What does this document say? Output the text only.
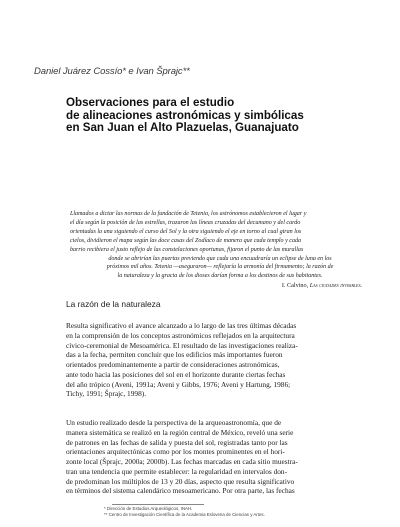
Daniel Juárez Cossío* e Ivan Šprajc**
Observaciones para el estudio
de alineaciones astronómicas y simbólicas
en San Juan el Alto Plazuelas, Guanajuato
Llamados a dictar las normas de la fundación de Tetenia, los astrónomos establecieron el lugar y
el día según la posición de las estrellas, trazaron las líneas cruzadas del decumano y del cardo
orientadas la una siguiendo el curso del Sol y la otra siguiendo el eje en torno al cual giran los
cielos, dividieron el mapa según las doce casas del Zodíaco de manera que cada templo y cada
barrio recibiera el justo reflejo de las constelaciones oportunas, fijaron el punto de las murallas
donde se abrirían las puertas previendo que cada una encuadraría un eclipse de luna en los
próximos mil años. Tetenia —aseguraron— reflejaría la armonía del firmamento; la razón de
la naturaleza y la gracia de los dioses darían forma a los destinos de sus habitantes.
I. Calvino, Las ciudades invisibles.
La razón de la naturaleza
Resulta significativo el avance alcanzado a lo largo de las tres últimas décadas
en la comprensión de los conceptos astronómicos reflejados en la arquitectura
cívico-ceremonial de Mesoamérica. El resultado de las investigaciones realiza-
das a la fecha, permiten concluir que los edificios más importantes fueron
orientados predominantemente a partir de consideraciones astronómicas,
ante todo hacia las posiciones del sol en el horizonte durante ciertas fechas
del año trópico (Aveni, 1991a; Aveni y Gibbs, 1976; Aveni y Hartung, 1986;
Tichy, 1991; Šprajc, 1998).
Un estudio realizado desde la perspectiva de la arqueoastronomía, que de
manera sistemática se realizó en la región central de México, reveló una serie
de patrones en las fechas de salida y puesta del sol, registradas tanto por las
orientaciones arquitectónicas como por los montes prominentes en el hori-
zonte local (Šprajc, 2000a; 2000b). Las fechas marcadas en cada sitio muestra-
tran una tendencia que permite establecer: la regularidad en intervalos don-
de predominan los múltiplos de 13 y 20 días, aspecto que resulta significativo
en términos del sistema calendárico mesoamericano. Por otra parte, las fechas
* Dirección de Estudios Arqueológicos, INAH.
** Centro de Investigación Científica de la Academia Eslovena de Ciencias y Artes.
